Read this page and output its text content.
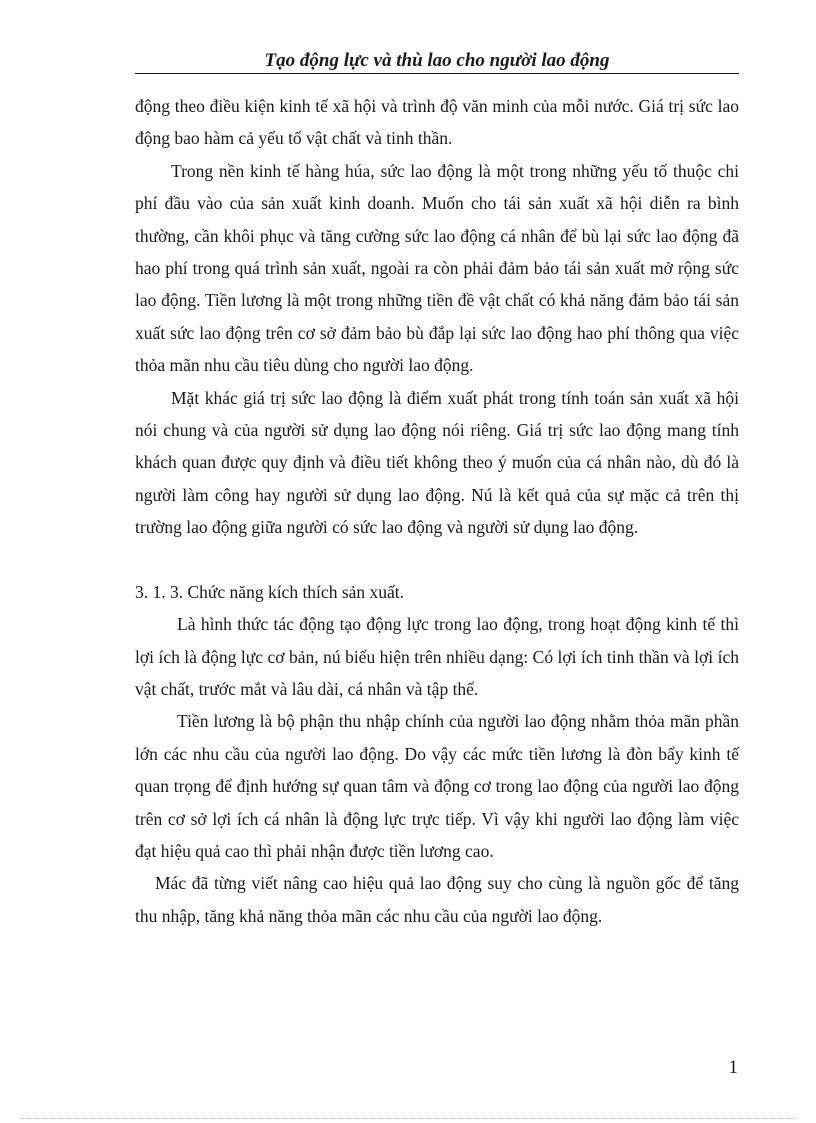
Tạo động lực và thù lao cho người lao động

động theo điều kiện kinh tế xã hội và trình độ văn minh của mỗi nước. Giá trị sức lao động bao hàm cả yếu tố vật chất và tinh thần.

Trong nền kinh tế hàng húa, sức lao động là một trong những yếu tố thuộc chi phí đầu vào của sản xuất kinh doanh. Muốn cho tái sản xuất xã hội diễn ra bình thường, cần khôi phục và tăng cường sức lao động cá nhân để bù lại sức lao động đã hao phí trong quá trình sản xuất, ngoài ra còn phải đảm bảo tái sản xuất mở rộng sức lao động. Tiền lương là một trong những tiền đề vật chất có khả năng đảm bảo tái sản xuất sức lao động trên cơ sở đảm bảo bù đắp lại sức lao động hao phí thông qua việc thỏa mãn nhu cầu tiêu dùng cho người lao động.

Mặt khác giá trị sức lao động là điểm xuất phát trong tính toán sản xuất xã hội nói chung và của người sử dụng lao động nói riêng. Giá trị sức lao động mang tính khách quan được quy định và điều tiết không theo ý muốn của cá nhân nào, dù đó là người làm công hay người sử dụng lao động. Nú là kết quả của sự mặc cả trên thị trường lao động giữa người có sức lao động và người sử dụng lao động.

3. 1. 3. Chức năng kích thích sản xuất.

Là hình thức tác động tạo động lực trong lao động, trong hoạt động kinh tế thì lợi ích là động lực cơ bản, nú biểu hiện trên nhiều dạng: Có lợi ích tinh thần và lợi ích vật chất, trước mắt và lâu dài, cá nhân và tập thể.

Tiền lương là bộ phận thu nhập chính của người lao động nhằm thỏa mãn phần lớn các nhu cầu của người lao động. Do vậy các mức tiền lương là đòn bẩy kinh tế quan trọng để định hướng sự quan tâm và động cơ trong lao động của người lao động trên cơ sở lợi ích cá nhân là động lực trực tiếp. Vì vậy khi người lao động làm việc đạt hiệu quả cao thì phải nhận được tiền lương cao.

Mác đã từng viết nâng cao hiệu quả lao động suy cho cùng là nguồn gốc để tăng thu nhập, tăng khả năng thỏa mãn các nhu cầu của người lao động.

1
